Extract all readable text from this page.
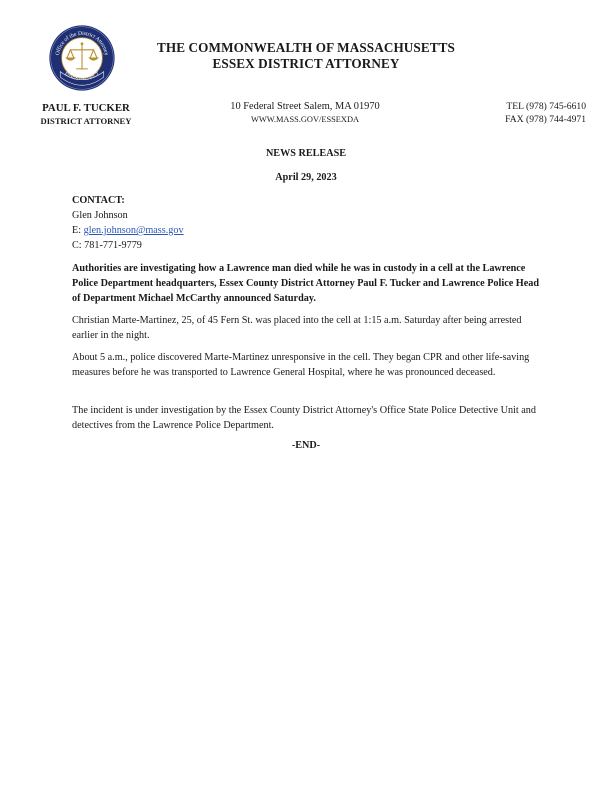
Office of the District Attorney
ESSEX DISTRICT
THE COMMONWEALTH OF MASSACHUSETTS
ESSEX DISTRICT ATTORNEY
PAUL F. TUCKER
DISTRICT ATTORNEY
10 Federal Street Salem, MA 01970
WWW.MASS.GOV/ESSEXDA
TEL (978) 745-6610
FAX (978) 744-4971
NEWS RELEASE
April 29, 2023
CONTACT:
Glen Johnson
E: glen.johnson@mass.gov
C: 781-771-9779

Authorities are investigating how a Lawrence man died while he was in custody in a cell at the Lawrence Police Department headquarters, Essex County District Attorney Paul F. Tucker and Lawrence Police Head of Department Michael McCarthy announced Saturday.

Christian Marte-Martinez, 25, of 45 Fern St. was placed into the cell at 1:15 a.m. Saturday after being arrested earlier in the night.

About 5 a.m., police discovered Marte-Martinez unresponsive in the cell. They began CPR and other life-saving measures before he was transported to Lawrence General Hospital, where he was pronounced deceased.

The incident is under investigation by the Essex County District Attorney's Office State Police Detective Unit and detectives from the Lawrence Police Department.

-END-
